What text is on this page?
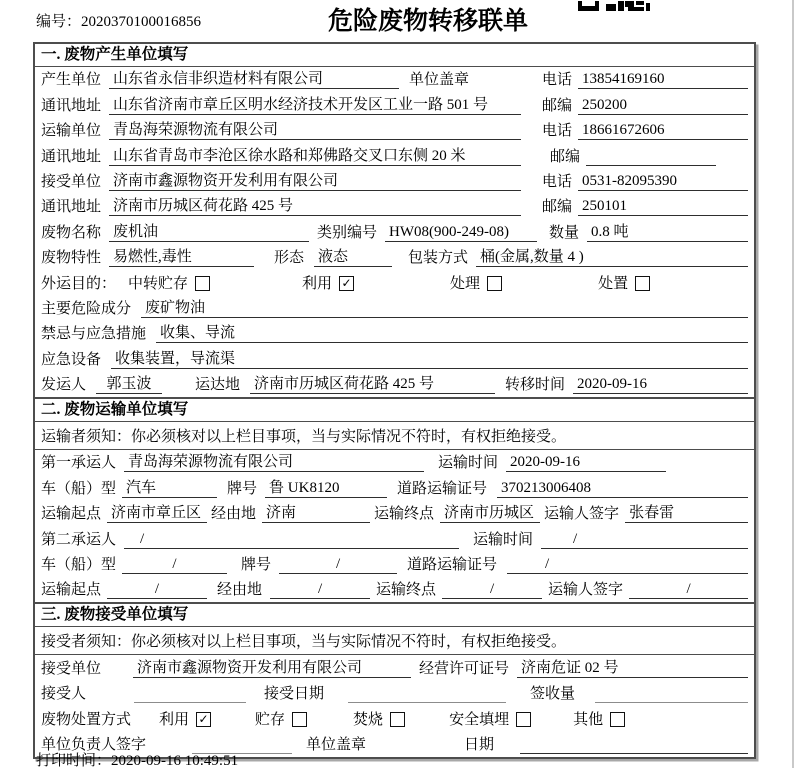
编号：2020370100016856	危险废物转移联单
一. 废物产生单位填写
产生单位 山东省永信非织造材料有限公司	单位盖章	电话 13854169160
通讯地址 山东省济南市章丘区明水经济技术开发区工业一路 501 号	邮编 250200
运输单位 青岛海荣源物流有限公司	电话 18661672606
通讯地址 山东省青岛市李沧区徐水路和郑佛路交叉口东侧 20 米	邮编
接受单位 济南市鑫源物资开发利用有限公司	电话 0531-82095390
通讯地址 济南市历城区荷花路 425 号	邮编 250101
废物名称 废机油	类别编号 HW08(900-249-08)	数量 0.8 吨
废物特性 易燃性,毒性	形态 液态	包装方式 桶(金属,数量 4 )
外运目的： 中转贮存	利用 ✓	处理	处置
主要危险成分 废矿物油
禁忌与应急措施 收集、导流
应急设备 收集装置，导流渠
发运人	郭玉波	运达地 济南市历城区荷花路 425 号	转移时间 2020-09-16
二. 废物运输单位填写
运输者须知：你必须核对以上栏目事项，当与实际情况不符时，有权拒绝接受。
第一承运人 青岛海荣源物流有限公司	运输时间 2020-09-16
车（船）型 汽车	牌号 鲁 UK8120	道路运输证号 370213006408
运输起点 济南市章丘区 经由地 济南	运输终点 济南市历城区 运输人签字 张春雷
第二承运人	/	运输时间	/
车（船）型	/	牌号	/	道路运输证号	/
运输起点	/	经由地	/	运输终点	/	运输人签字	/
三. 废物接受单位填写
接受者须知：你必须核对以上栏目事项，当与实际情况不符时，有权拒绝接受。
接受单位 济南市鑫源物资开发利用有限公司	经营许可证号 济南危证 02 号
接受人	接受日期	签收量
废物处置方式 利用 ✓	贮存	焚烧	安全填埋	其他
单位负责人签字	单位盖章	日期
打印时间：2020-09-16 10:49:51
